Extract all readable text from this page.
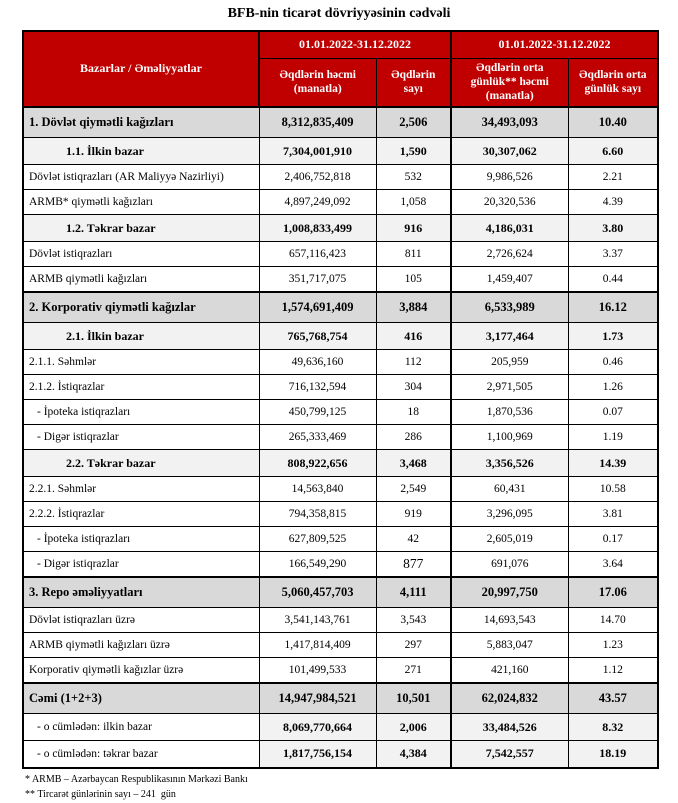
BFB-nin ticarət dövriyyəsinin cədvəli
Bazarlar / Əməliyyatlar	01.01.2022-31.12.2022		01.01.2022-31.12.2022	
	Əqdlərin həcmi (manatla)	Əqdlərin sayı	Əqdlərin orta günlük** həcmi (manatla)	Əqdlərin orta günlük sayı
1. Dövlət qiymətli kağızları	8,312,835,409	2,506	34,493,093	10.40
1.1. İlkin bazar	7,304,001,910	1,590	30,307,062	6.60
Dövlət istiqrazları (AR Maliyyə Nazirliyi)	2,406,752,818	532	9,986,526	2.21
ARMB* qiymətli kağızları	4,897,249,092	1,058	20,320,536	4.39
1.2. Təkrar bazar	1,008,833,499	916	4,186,031	3.80
Dövlət istiqrazları	657,116,423	811	2,726,624	3.37
ARMB qiymətli kağızları	351,717,075	105	1,459,407	0.44
2. Korporativ qiymətli kağızlar	1,574,691,409	3,884	6,533,989	16.12
2.1. İlkin bazar	765,768,754	416	3,177,464	1.73
2.1.1. Səhmlər	49,636,160	112	205,959	0.46
2.1.2. İstiqrazlar	716,132,594	304	2,971,505	1.26
- İpoteka istiqrazları	450,799,125	18	1,870,536	0.07
- Digər istiqrazlar	265,333,469	286	1,100,969	1.19
2.2. Təkrar bazar	808,922,656	3,468	3,356,526	14.39
2.2.1. Səhmlər	14,563,840	2,549	60,431	10.58
2.2.2. İstiqrazlar	794,358,815	919	3,296,095	3.81
- İpoteka istiqrazları	627,809,525	42	2,605,019	0.17
- Digər istiqrazlar	166,549,290	877	691,076	3.64
3. Repo əməliyyatları	5,060,457,703	4,111	20,997,750	17.06
Dövlət istiqrazları üzrə	3,541,143,761	3,543	14,693,543	14.70
ARMB qiymətli kağızları üzrə	1,417,814,409	297	5,883,047	1.23
Korporativ qiymətli kağızlar üzrə	101,499,533	271	421,160	1.12
Cəmi (1+2+3)	14,947,984,521	10,501	62,024,832	43.57
- o cümlədən: ilkin bazar	8,069,770,664	2,006	33,484,526	8.32
- o cümlədən: təkrar bazar	1,817,756,154	4,384	7,542,557	18.19
* ARMB – Azərbaycan Respublikasının Mərkəzi Bankı
** Tircarət günlərinin sayı – 241  gün
